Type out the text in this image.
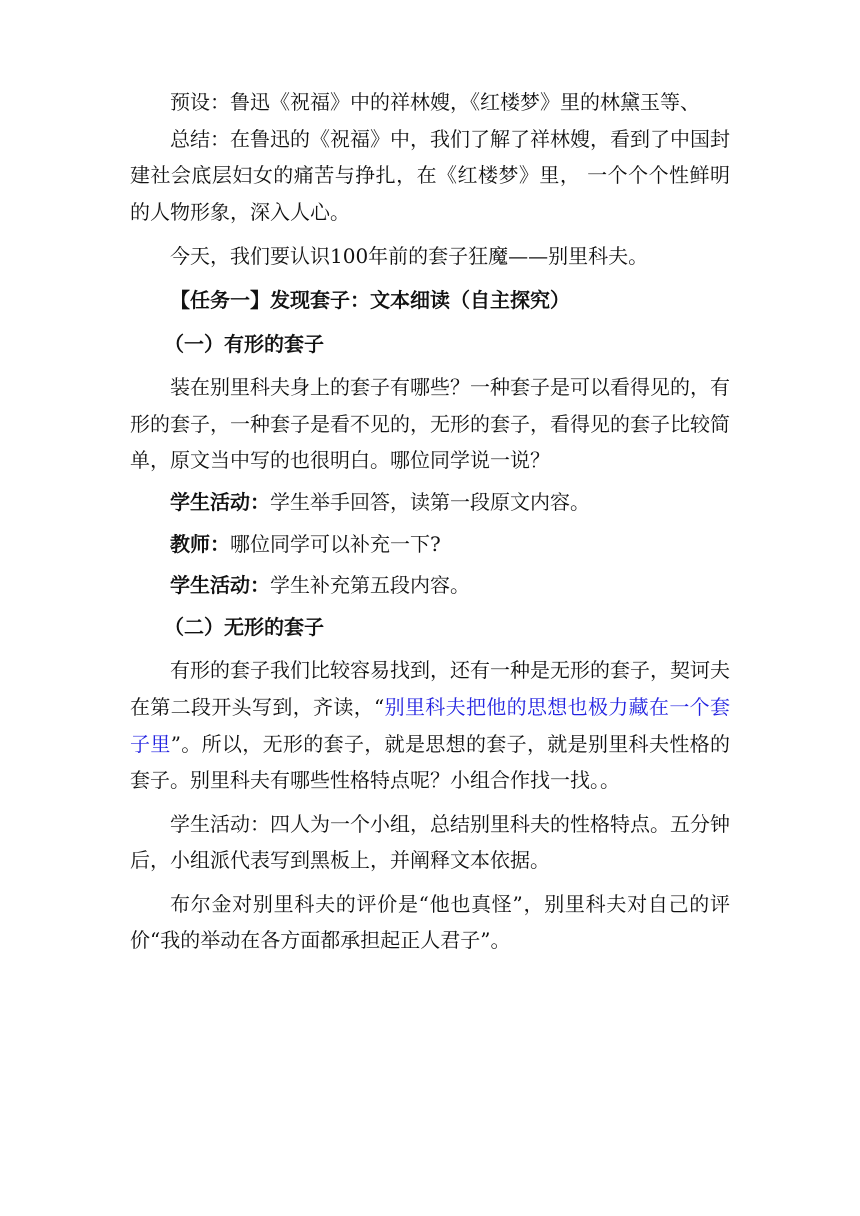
预设：鲁迅《祝福》中的祥林嫂，《红楼梦》里的林黛玉等、

总结：在鲁迅的《祝福》中，我们了解了祥林嫂，看到了中国封建社会底层妇女的痛苦与挣扎，在《红楼梦》里， 一个个个性鲜明的人物形象，深入人心。

今天，我们要认识100年前的套子狂魔——别里科夫。

【任务一】发现套子：文本细读（自主探究）

（一）有形的套子

装在别里科夫身上的套子有哪些？一种套子是可以看得见的，有形的套子，一种套子是看不见的，无形的套子，看得见的套子比较简单，原文当中写的也很明白。哪位同学说一说？

学生活动：学生举手回答，读第一段原文内容。

教师：哪位同学可以补充一下?

学生活动：学生补充第五段内容。

（二）无形的套子

有形的套子我们比较容易找到，还有一种是无形的套子，契诃夫在第二段开头写到，齐读，“别里科夫把他的思想也极力藏在一个套子里”。所以，无形的套子，就是思想的套子，就是别里科夫性格的套子。别里科夫有哪些性格特点呢？小组合作找一找。。

学生活动：四人为一个小组，总结别里科夫的性格特点。五分钟后，小组派代表写到黑板上，并阐释文本依据。

布尔金对别里科夫的评价是“他也真怪”，别里科夫对自己的评价“我的举动在各方面都承担起正人君子”。
